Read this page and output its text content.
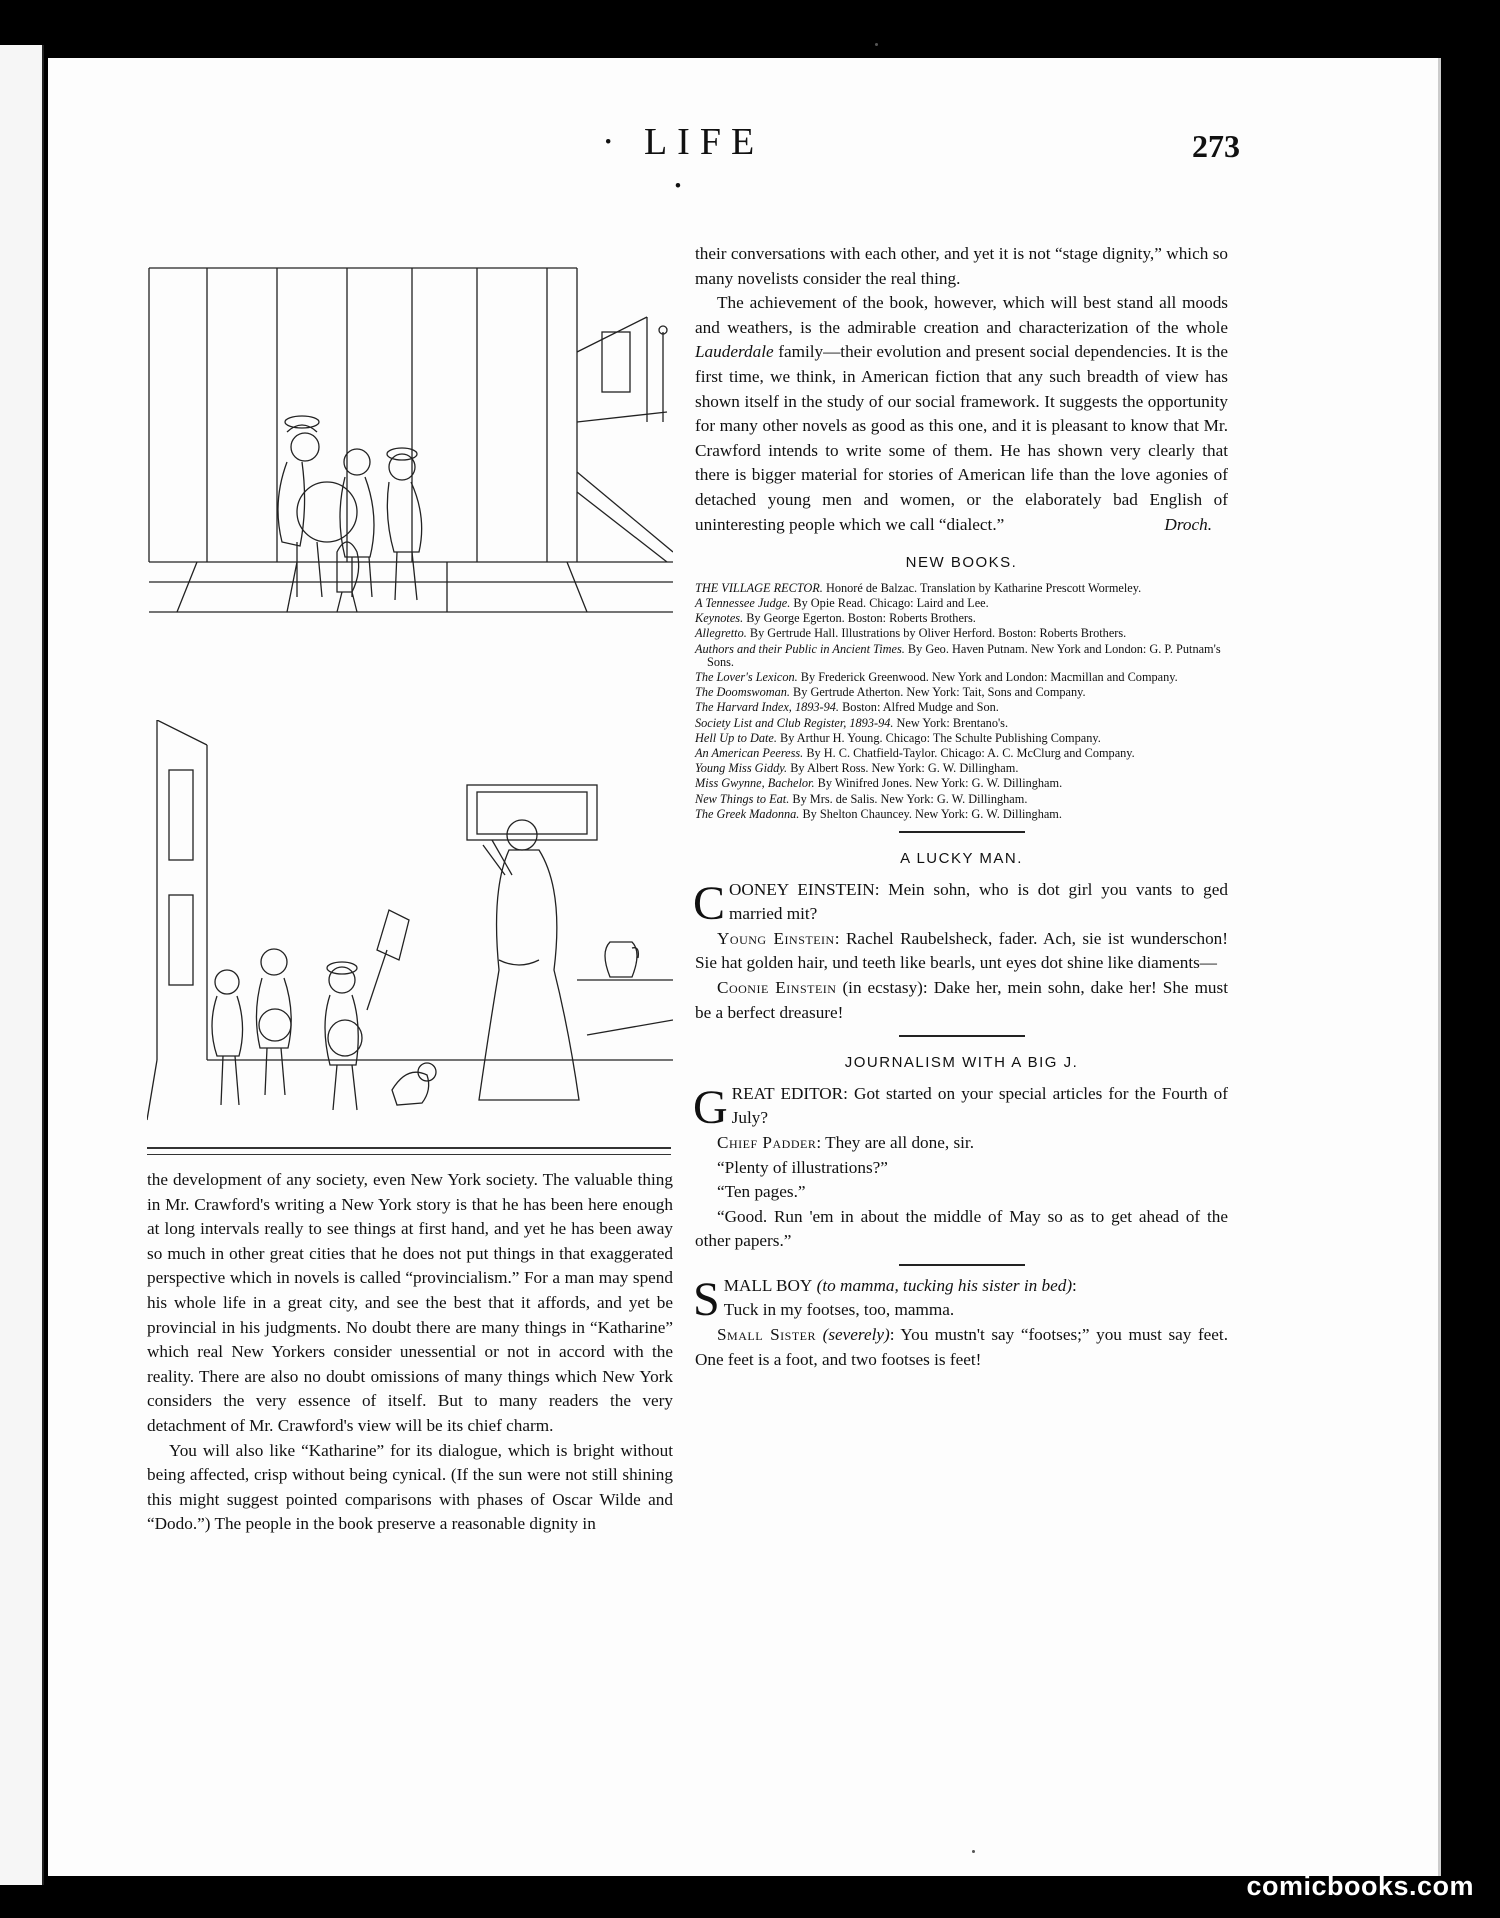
· LIFE ·
273

the development of any society, even New York society. The valuable thing in Mr. Crawford's writing a New York story is that he has been here enough at long intervals really to see things at first hand, and yet he has been away so much in other great cities that he does not put things in that exaggerated perspective which in novels is called “provincialism.” For a man may spend his whole life in a great city, and see the best that it affords, and yet be provincial in his judgments. No doubt there are many things in “Katharine” which real New Yorkers consider unessential or not in accord with the reality. There are also no doubt omissions of many things which New York considers the very essence of itself. But to many readers the very detachment of Mr. Crawford's view will be its chief charm.

You will also like “Katharine” for its dialogue, which is bright without being affected, crisp without being cynical. (If the sun were not still shining this might suggest pointed comparisons with phases of Oscar Wilde and “Dodo.”) The people in the book preserve a reasonable dignity in

their conversations with each other, and yet it is not “stage dignity,” which so many novelists consider the real thing.

The achievement of the book, however, which will best stand all moods and weathers, is the admirable creation and characterization of the whole Lauderdale family—their evolution and present social dependencies. It is the first time, we think, in American fiction that any such breadth of view has shown itself in the study of our social framework. It suggests the opportunity for many other novels as good as this one, and it is pleasant to know that Mr. Crawford intends to write some of them. He has shown very clearly that there is bigger material for stories of American life than the love agonies of detached young men and women, or the elaborately bad English of uninteresting people which we call “dialect.”	Droch.

NEW BOOKS.

THE VILLAGE RECTOR. Honoré de Balzac. Translation by Katharine Prescott Wormeley.

A Tennessee Judge. By Opie Read. Chicago: Laird and Lee.

Keynotes. By George Egerton. Boston: Roberts Brothers.

Allegretto. By Gertrude Hall. Illustrations by Oliver Herford. Boston: Roberts Brothers.

Authors and their Public in Ancient Times. By Geo. Haven Putnam. New York and London: G. P. Putnam's Sons.

The Lover's Lexicon. By Frederick Greenwood. New York and London: Macmillan and Company.

The Doomswoman. By Gertrude Atherton. New York: Tait, Sons and Company.

The Harvard Index, 1893-94. Boston: Alfred Mudge and Son.

Society List and Club Register, 1893-94. New York: Brentano's.

Hell Up to Date. By Arthur H. Young. Chicago: The Schulte Publishing Company.

An American Peeress. By H. C. Chatfield-Taylor. Chicago: A. C. McClurg and Company.

Young Miss Giddy. By Albert Ross. New York: G. W. Dillingham.

Miss Gwynne, Bachelor. By Winifred Jones. New York: G. W. Dillingham.

New Things to Eat. By Mrs. de Salis. New York: G. W. Dillingham.

The Greek Madonna. By Shelton Chauncey. New York: G. W. Dillingham.

A LUCKY MAN.

COONEY EINSTEIN: Mein sohn, who is dot girl you vants to ged married mit?

Young Einstein: Rachel Raubelsheck, fader. Ach, sie ist wunderschon! Sie hat golden hair, und teeth like bearls, unt eyes dot shine like diaments—

Coonie Einstein (in ecstasy): Dake her, mein sohn, dake her! She must be a berfect dreasure!

JOURNALISM WITH A BIG J.

GREAT EDITOR: Got started on your special articles for the Fourth of July?

Chief Padder: They are all done, sir.

“Plenty of illustrations?”

“Ten pages.”

“Good. Run 'em in about the middle of May so as to get ahead of the other papers.”

SMALL BOY (to mamma, tucking his sister in bed):
Tuck in my footses, too, mamma.

Small Sister (severely): You mustn't say “footses;” you must say feet. One feet is a foot, and two footses is feet!

comicbooks.com
